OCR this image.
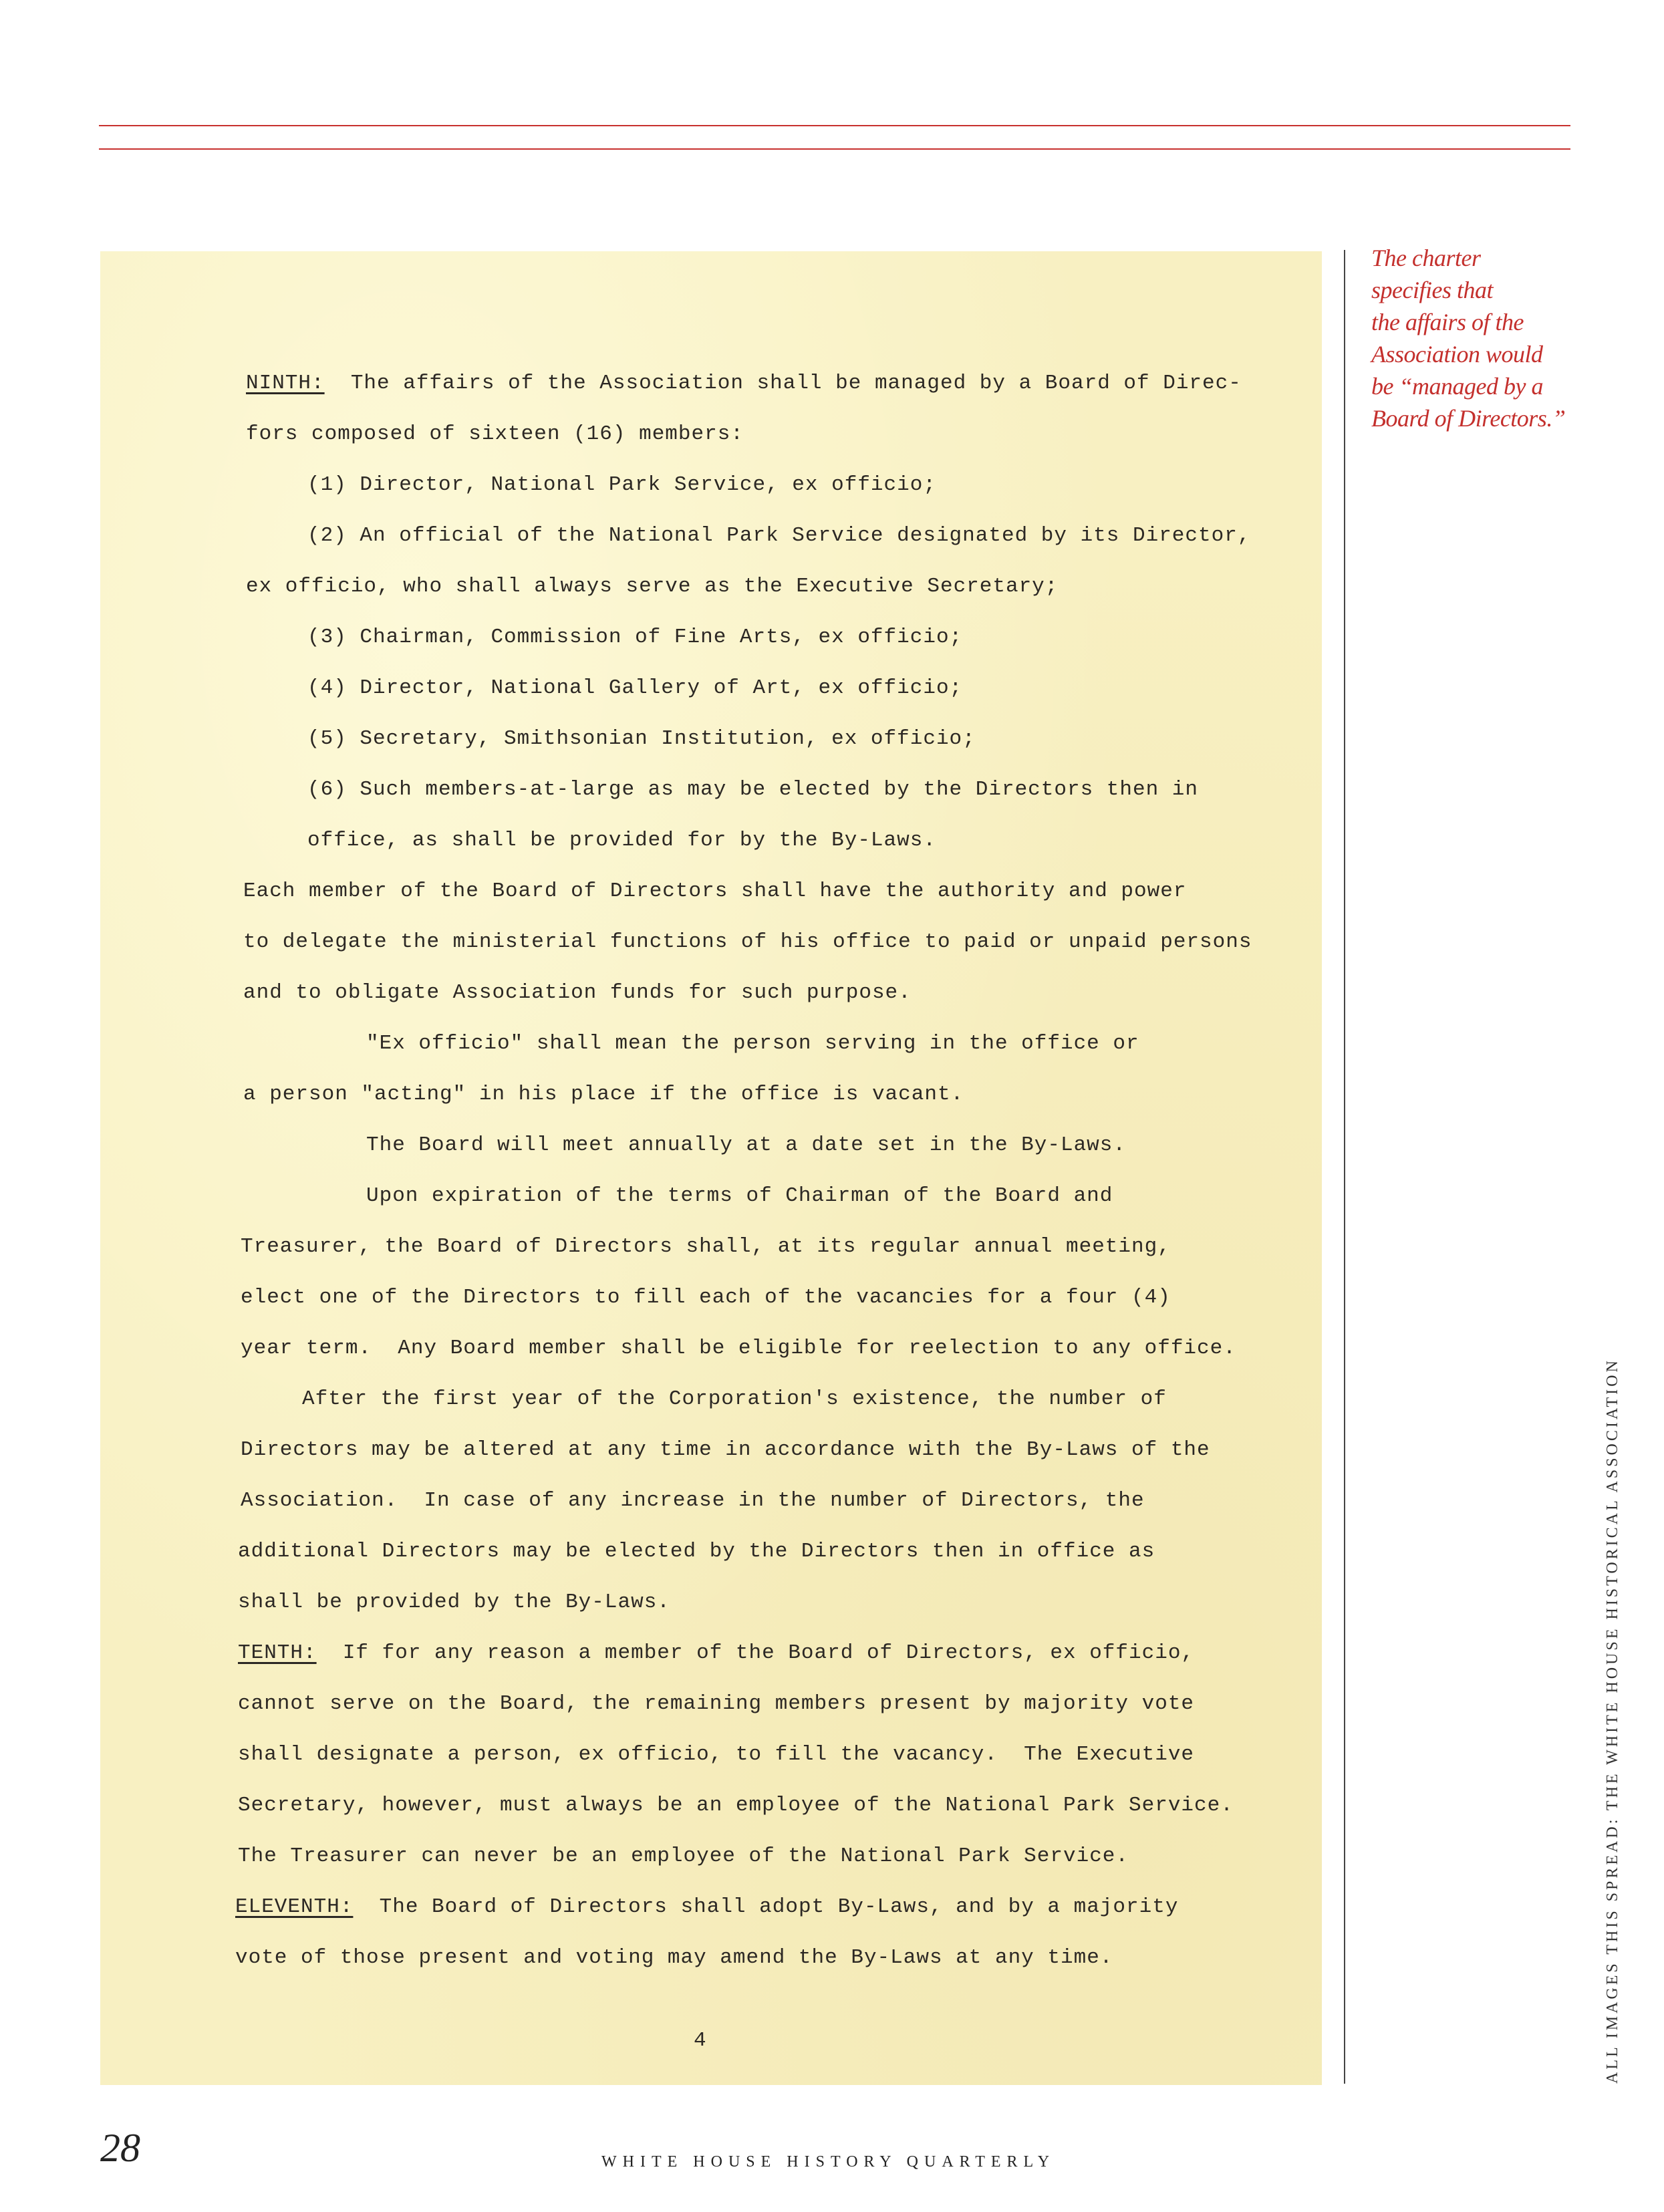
NINTH:  The affairs of the Association shall be managed by a Board of Direc-
fors composed of sixteen (16) members:
(1) Director, National Park Service, ex officio;
(2) An official of the National Park Service designated by its Director,
ex officio, who shall always serve as the Executive Secretary;
(3) Chairman, Commission of Fine Arts, ex officio;
(4) Director, National Gallery of Art, ex officio;
(5) Secretary, Smithsonian Institution, ex officio;
(6) Such members-at-large as may be elected by the Directors then in
office, as shall be provided for by the By-Laws.
Each member of the Board of Directors shall have the authority and power
to delegate the ministerial functions of his office to paid or unpaid persons
and to obligate Association funds for such purpose.
"Ex officio" shall mean the person serving in the office or
a person "acting" in his place if the office is vacant.
The Board will meet annually at a date set in the By-Laws.
Upon expiration of the terms of Chairman of the Board and
Treasurer, the Board of Directors shall, at its regular annual meeting,
elect one of the Directors to fill each of the vacancies for a four (4)
year term.  Any Board member shall be eligible for reelection to any office.
After the first year of the Corporation's existence, the number of
Directors may be altered at any time in accordance with the By-Laws of the
Association.  In case of any increase in the number of Directors, the
additional Directors may be elected by the Directors then in office as
shall be provided by the By-Laws.
TENTH:  If for any reason a member of the Board of Directors, ex officio,
cannot serve on the Board, the remaining members present by majority vote
shall designate a person, ex officio, to fill the vacancy.  The Executive
Secretary, however, must always be an employee of the National Park Service.
The Treasurer can never be an employee of the National Park Service.
ELEVENTH:  The Board of Directors shall adopt By-Laws, and by a majority
vote of those present and voting may amend the By-Laws at any time.
4
The charter
specifies that
the affairs of the
Association would
be “managed by a
Board of Directors.”
ALL IMAGES THIS SPREAD: THE WHITE HOUSE HISTORICAL ASSOCIATION
28	WHITE HOUSE HISTORY QUARTERLY
